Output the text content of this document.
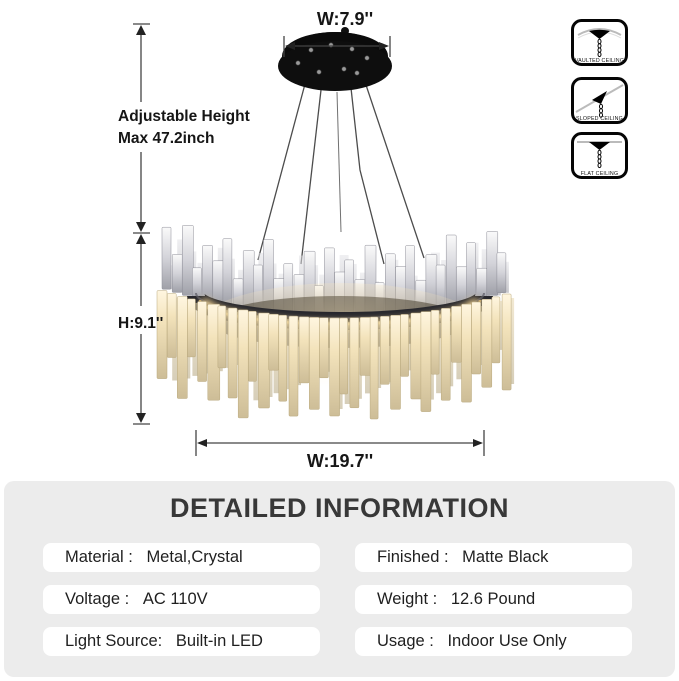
W:7.9''
Adjustable Height
Max 47.2inch
H:9.1''
W:19.7''
VAULTED CEILING
SLOPED CEILING
FLAT CEILING
DETAILED INFORMATION
Material : Metal,Crystal
Voltage : AC 110V
Light Source: Built-in LED
Finished : Matte Black
Weight : 12.6 Pound
Usage : Indoor Use Only
